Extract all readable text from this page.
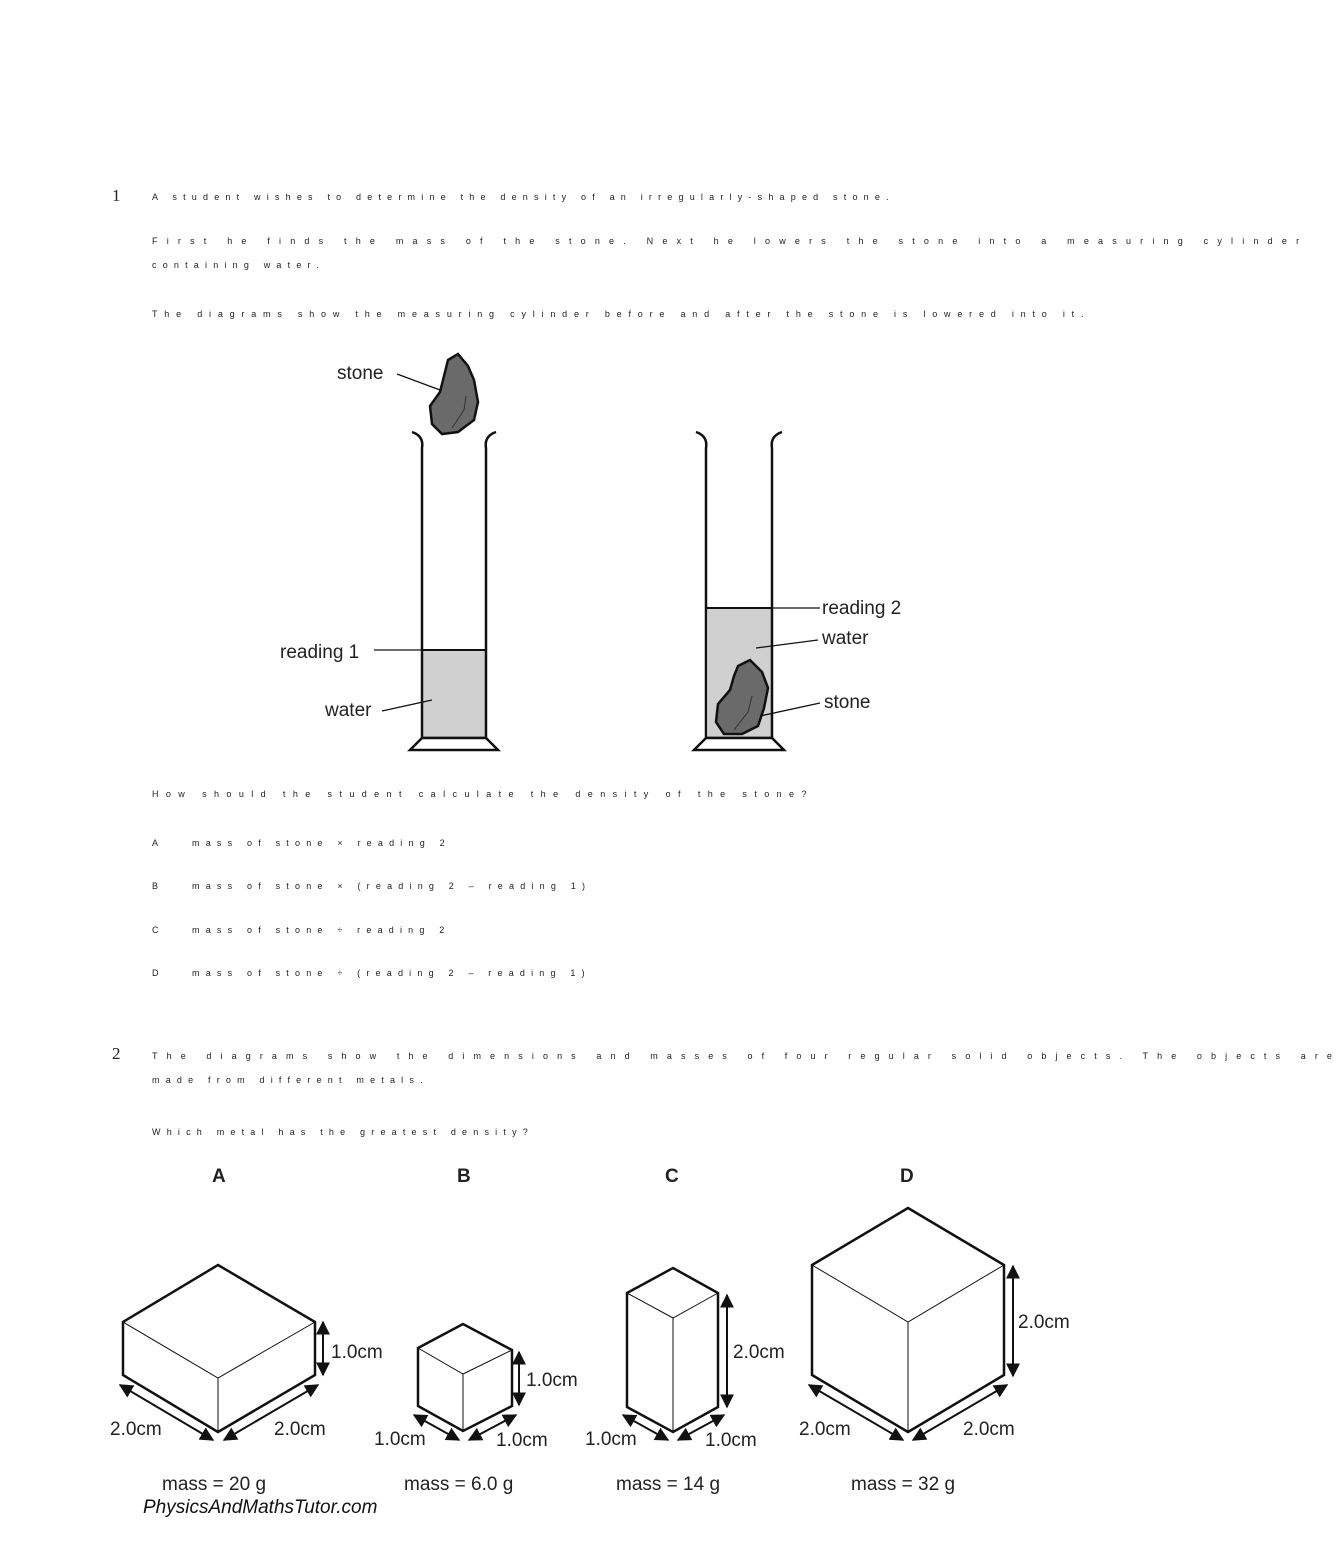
1	A student wishes to determine the density of an irregularly-shaped stone.
First he finds the mass of the stone. Next he lowers the stone into a measuring cylinder
containing water.
The diagrams show the measuring cylinder before and after the stone is lowered into it.
stone
reading 1
water
reading 2
water
stone
How should the student calculate the density of the stone?
A	mass of stone × reading 2
B	mass of stone × (reading 2 – reading 1)
C	mass of stone ÷ reading 2
D	mass of stone ÷ (reading 2 – reading 1)
2	The diagrams show the dimensions and masses of four regular solid objects. The objects are
made from different metals.
Which metal has the greatest density?
A	B	C	D
1.0cm
2.0cm	2.0cm
1.0cm
1.0cm	1.0cm
2.0cm
1.0cm	1.0cm
2.0cm
2.0cm	2.0cm
mass = 20 g	mass = 6.0 g	mass = 14 g	mass = 32 g
PhysicsAndMathsTutor.com
